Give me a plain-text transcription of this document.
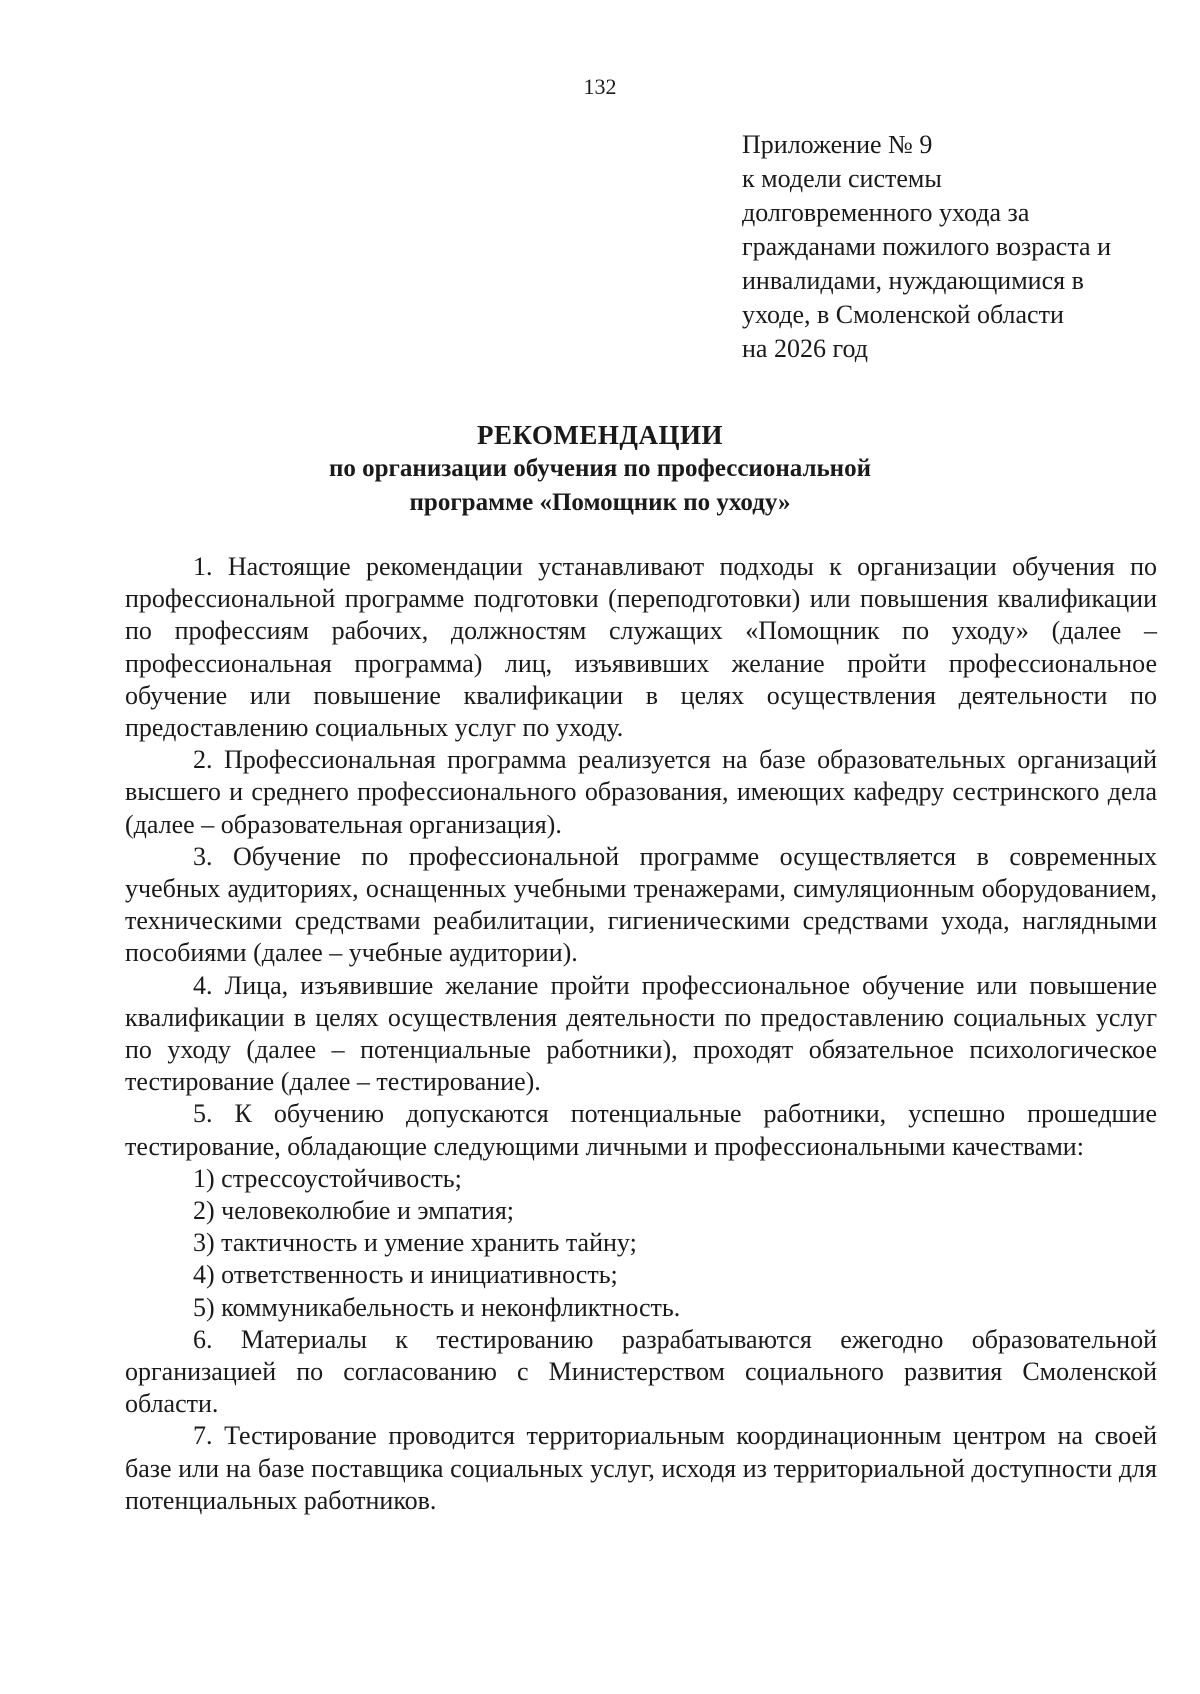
132
Приложение № 9
к модели системы
долговременного ухода за
гражданами пожилого возраста и
инвалидами, нуждающимися в
уходе, в Смоленской области
на 2026 год
РЕКОМЕНДАЦИИ
по организации обучения по профессиональной
программе «Помощник по уходу»

1. Настоящие рекомендации устанавливают подходы к организации обучения по профессиональной программе подготовки (переподготовки) или повышения квалификации по профессиям рабочих, должностям служащих «Помощник по уходу» (далее – профессиональная программа) лиц, изъявивших желание пройти профессиональное обучение или повышение квалификации в целях осуществления деятельности по предоставлению социальных услуг по уходу.

2. Профессиональная программа реализуется на базе образовательных организаций высшего и среднего профессионального образования, имеющих кафедру сестринского дела (далее – образовательная организация).

3. Обучение по профессиональной программе осуществляется в современных учебных аудиториях, оснащенных учебными тренажерами, симуляционным оборудованием, техническими средствами реабилитации, гигиеническими средствами ухода, наглядными пособиями (далее – учебные аудитории).

4. Лица, изъявившие желание пройти профессиональное обучение или повышение квалификации в целях осуществления деятельности по предоставлению социальных услуг по уходу (далее – потенциальные работники), проходят обязательное психологическое тестирование (далее – тестирование).

5. К обучению допускаются потенциальные работники, успешно прошедшие тестирование, обладающие следующими личными и профессиональными качествами:

1) стрессоустойчивость;

2) человеколюбие и эмпатия;

3) тактичность и умение хранить тайну;

4) ответственность и инициативность;

5) коммуникабельность и неконфликтность.

6. Материалы к тестированию разрабатываются ежегодно образовательной организацией по согласованию с Министерством социального развития Смоленской области.

7. Тестирование проводится территориальным координационным центром на своей базе или на базе поставщика социальных услуг, исходя из территориальной доступности для потенциальных работников.
